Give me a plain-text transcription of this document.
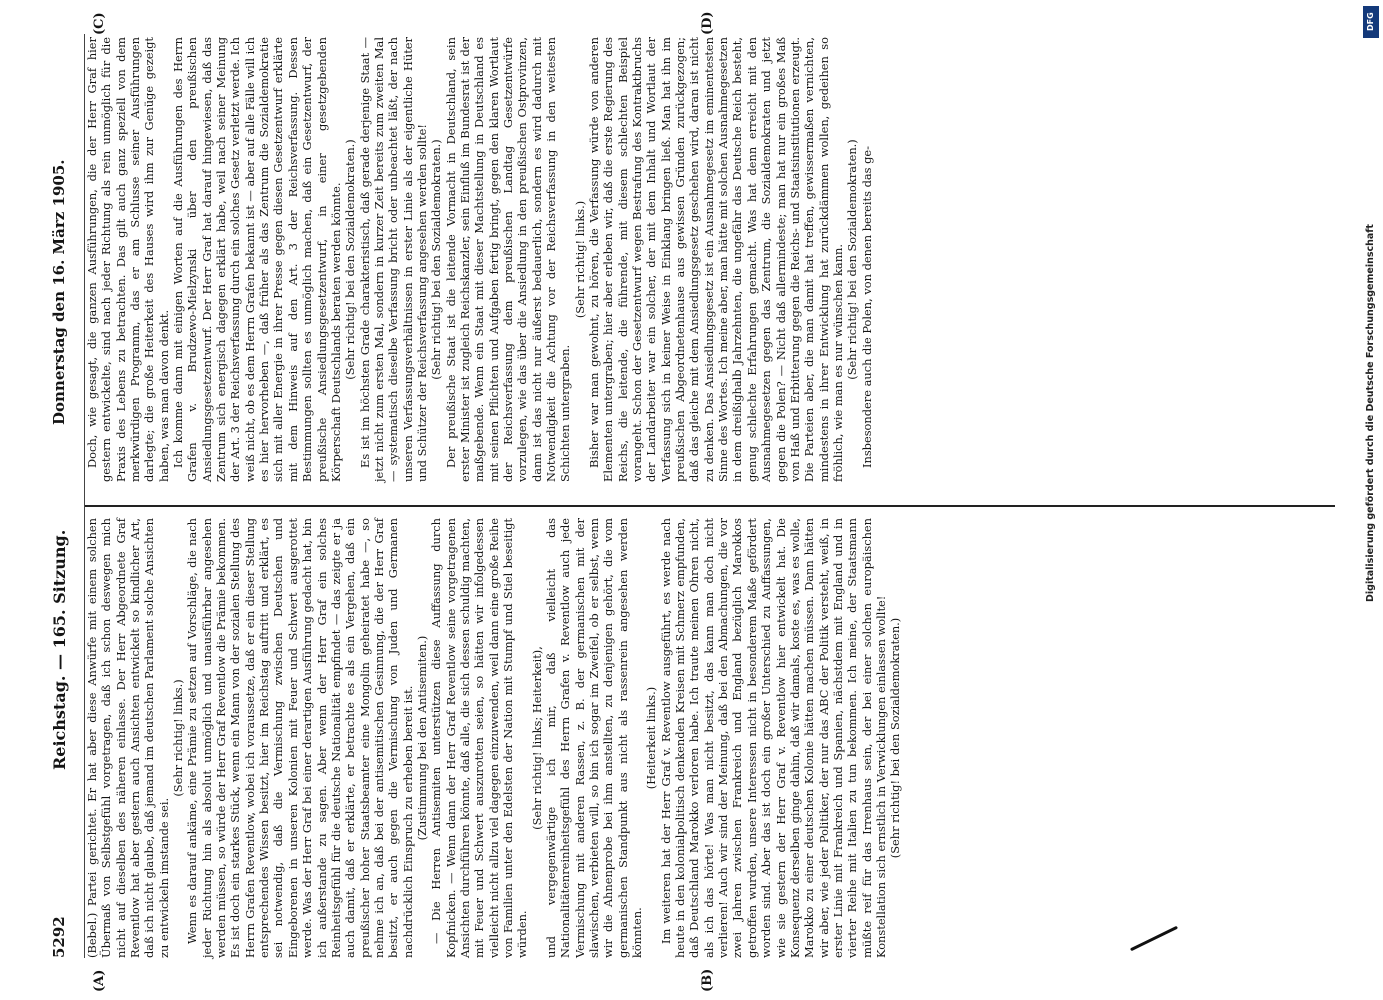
5292
Reichstag. — 165. Sitzung.
Donnerstag den 16. März 1905.
(A)	(B)
(C)	(D)

(Bebel.) Partei gerichtet. Er hat aber diese Anwürfe mit einem solchen Übermaß von Selbstgefühl vorgetragen, daß ich schon deswegen mich nicht auf dieselben des näheren einlasse. Der Herr Abgeordnete Graf Reventlow hat aber gestern auch Ansichten entwickelt so kindlicher Art, daß ich nicht glaube, daß jemand im deutschen Parlament solche Ansichten zu entwickeln imstande sei.

(Sehr richtig! links.) Wenn es darauf ankäme, eine Prämie zu setzen auf Vorschläge, die nach jeder Richtung hin als absolut unmöglich und unausführbar angesehen werden müssen, so würde der Herr Graf Reventlow die Prämie bekommen. Es ist doch ein starkes Stück, wenn ein Mann von der sozialen Stellung des Herrn Grafen Reventlow, wobei ich voraussetze, daß er ein dieser Stellung entsprechendes Wissen besitzt, hier im Reichstag auftritt und erklärt, es sei notwendig, daß die Vermischung zwischen Deutschen und Eingeborenen in unseren Kolonien mit Feuer und Schwert ausgerottet werde. Was der Herr Graf bei einer derartigen Ausführung gedacht hat, bin ich außerstande zu sagen. Aber wenn der Herr Graf ein solches Reinheitsgefühl für die deutsche Nationalität empfindet — das zeigte er ja auch damit, daß er erklärte, er betrachte es als ein Vergehen, daß ein preußischer hoher Staatsbeamter eine Mongolin geheiratet habe —, so nehme ich an, daß bei der antisemitischen Gesinnung, die der Herr Graf besitzt, er auch gegen die Vermischung von Juden und Germanen nachdrücklich Einspruch zu erheben bereit ist. (Zustimmung bei den Antisemiten.) — Die Herren Antisemiten unterstützen diese Auffassung durch Kopfnicken. — Wenn dann der Herr Graf Reventlow seine vorgetragenen Ansichten durchführen könnte, daß alle, die sich dessen schuldig machten, mit Feuer und Schwert auszurotten seien, so hätten wir infolgedessen vielleicht nicht allzu viel dagegen einzuwenden, weil dann eine große Reihe von Familien unter den Edelsten der Nation mit Stumpf und Stiel beseitigt würden.

(Sehr richtig! links; Heiterkeit), und vergegenwärtige ich mir, daß vielleicht das Nationalitätenreinheitsgefühl des Herrn Grafen v. Reventlow auch jede Vermischung mit anderen Rassen, z. B. der germanischen mit der slawischen, verbieten will, so bin ich sogar im Zweifel, ob er selbst, wenn wir die Ahnenprobe bei ihm anstellten, zu denjenigen gehört, die vom germanischen Standpunkt aus nicht als rassenrein angesehen werden könnten.

(Heiterkeit links.) Im weiteren hat der Herr Graf v. Reventlow ausgeführt, es werde nach heute in den kolonialpolitisch denkenden Kreisen mit Schmerz empfunden, daß Deutschland Marokko verloren habe. Ich traute meinen Ohren nicht, als ich das hörte! Was man nicht besitzt, das kann man doch nicht verlieren! Auch wir sind der Meinung, daß bei den Abmachungen, die vor zwei Jahren zwischen Frankreich und England bezüglich Marokkos getroffen wurden, unsere Interessen nicht in besonderem Maße gefördert worden sind. Aber das ist doch ein großer Unterschied zu Auffassungen, wie sie gestern der Herr Graf v. Reventlow hier entwickelt hat. Die Konsequenz derselben ginge dahin, daß wir damals, koste es, was es wolle, Marokko zu einer deutschen Kolonie hätten machen müssen. Dann hätten wir aber, wie jeder Politiker, der nur das ABC der Politik versteht, weiß, in erster Linie mit Frankreich und Spanien, nächstdem mit England und in vierter Reihe mit Italien zu tun bekommen. Ich meine, der Staatsmann müßte reif für das Irrenhaus sein, der bei einer solchen europäischen Konstellation sich ernstlich in Verwicklungen einlassen wollte! (Sehr richtig! bei den Sozialdemokraten.)

Doch, wie gesagt, die ganzen Ausführungen, die der Herr Graf hier gestern entwickelte, sind nach jeder Richtung als rein unmöglich für die Praxis des Lebens zu betrachten. Das gilt auch ganz speziell von dem merkwürdigen Programm, das er am Schlusse seiner Ausführungen darlegte; die große Heiterkeit des Hauses wird ihm zur Genüge gezeigt haben, was man davon denkt. Ich komme dann mit einigen Worten auf die Ausführungen des Herrn Grafen v. Brudzewo-Mielzynski über den preußischen Ansiedlungsgesetzentwurf. Der Herr Graf hat darauf hingewiesen, daß das Zentrum sich energisch dagegen erklärt habe, weil nach seiner Meinung der Art. 3 der Reichsverfassung durch ein solches Gesetz verletzt werde. Ich weiß nicht, ob es dem Herrn Grafen bekannt ist — aber auf alle Fälle will ich es hier hervorheben —, daß früher als das Zentrum die Sozialdemokratie sich mit aller Energie in ihrer Presse gegen diesen Gesetzentwurf erklärte mit dem Hinweis auf den Art. 3 der Reichsverfassung. Dessen Bestimmungen sollten es unmöglich machen, daß ein Gesetzentwurf, der preußische Ansiedlungsgesetzentwurf, in einer gesetzgebenden Körperschaft Deutschlands beraten werden könnte. (Sehr richtig! bei den Sozialdemokraten.) Es ist im höchsten Grade charakteristisch, daß gerade derjenige Staat — jetzt nicht zum ersten Mal, sondern in kurzer Zeit bereits zum zweiten Mal — systematisch dieselbe Verfassung bricht oder unbeachtet läßt, der nach unseren Verfassungsverhältnissen in erster Linie als der eigentliche Hüter und Schützer der Reichsverfassung angesehen werden sollte! (Sehr richtig! bei den Sozialdemokraten.) Der preußische Staat ist die leitende Vormacht in Deutschland, sein erster Minister ist zugleich Reichskanzler, sein Einfluß im Bundesrat ist der maßgebende. Wenn ein Staat mit dieser Machtstellung in Deutschland es mit seinen Pflichten und Aufgaben fertig bringt, gegen den klaren Wortlaut der Reichsverfassung dem preußischen Landtag Gesetzentwürfe vorzulegen, wie das über die Ansiedlung in den preußischen Ostprovinzen, dann ist das nicht nur äußerst bedauerlich, sondern es wird dadurch mit Notwendigkeit die Achtung vor der Reichsverfassung in den weitesten Schichten untergraben.

(Sehr richtig! links.) Bisher war man gewohnt, zu hören, die Verfassung würde von anderen Elementen untergraben; hier aber erleben wir, daß die erste Regierung des Reichs, die leitende, die führende, mit diesem schlechten Beispiel vorangeht. Schon der Gesetzentwurf wegen Bestrafung des Kontraktbruchs der Landarbeiter war ein solcher, der mit dem Inhalt und Wortlaut der Verfassung sich in keiner Weise in Einklang bringen ließ. Man hat ihn im preußischen Abgeordnetenhause aus gewissen Gründen zurückgezogen; daß das gleiche mit dem Ansiedlungsgesetz geschehen wird, daran ist nicht zu denken. Das Ansiedlungsgesetz ist ein Ausnahmegesetz im eminentesten Sinne des Wortes. Ich meine aber, man hätte mit solchen Ausnahmegesetzen in dem dreißighalb Jahrzehnten, die ungefähr das Deutsche Reich besteht, genug schlechte Erfahrungen gemacht. Was hat denn erreicht mit den Ausnahmegesetzen gegen das Zentrum, die Sozialdemokraten und jetzt gegen die Polen? — Nicht daß allermindeste; man hat nur ein großes Maß von Haß und Erbitterung gegen die Reichs- und Staatsinstitutionen erzeugt. Die Parteien aber, die man damit hat treffen, gewissermaßen vernichten, mindestens in ihrer Entwicklung hat zurückdämmen wollen, gedeihen so fröhlich, wie man es nur wünschen kann. (Sehr richtig! bei den Sozialdemokraten.) Insbesondere auch die Polen, von denen bereits das ge-

DFG
Digitalisierung gefördert durch die Deutsche Forschungsgemeinschaft
